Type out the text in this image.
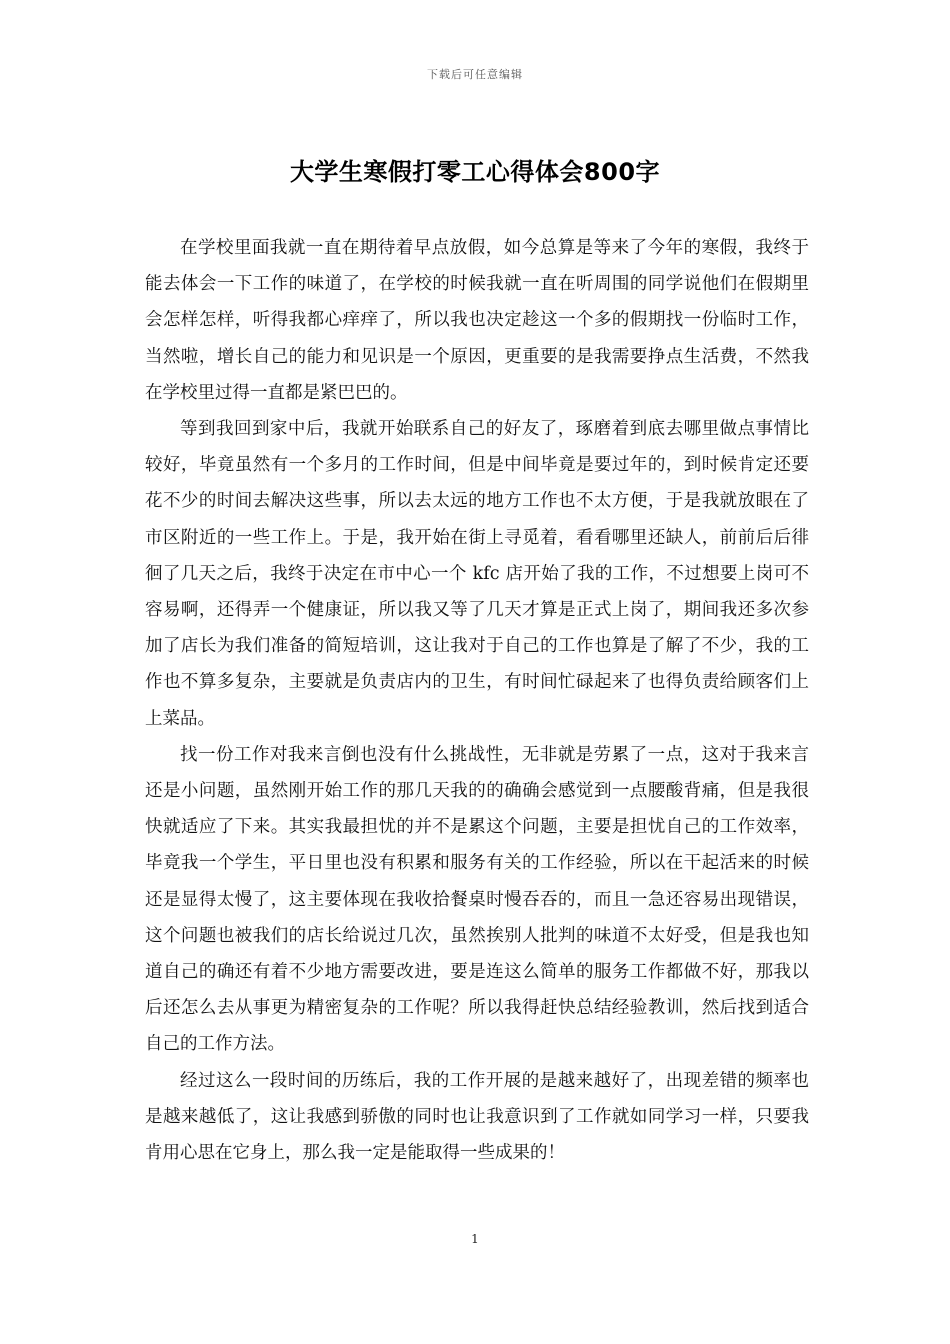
下载后可任意编辑
大学生寒假打零工心得体会800字

在学校里面我就一直在期待着早点放假，如今总算是等来了今年的寒假，我终于能去体会一下工作的味道了，在学校的时候我就一直在听周围的同学说他们在假期里会怎样怎样，听得我都心痒痒了，所以我也决定趁这一个多的假期找一份临时工作，当然啦，增长自己的能力和见识是一个原因，更重要的是我需要挣点生活费，不然我在学校里过得一直都是紧巴巴的。

等到我回到家中后，我就开始联系自己的好友了，琢磨着到底去哪里做点事情比较好，毕竟虽然有一个多月的工作时间，但是中间毕竟是要过年的，到时候肯定还要花不少的时间去解决这些事，所以去太远的地方工作也不太方便，于是我就放眼在了市区附近的一些工作上。于是，我开始在街上寻觅着，看看哪里还缺人，前前后后徘徊了几天之后，我终于决定在市中心一个 kfc 店开始了我的工作，不过想要上岗可不容易啊，还得弄一个健康证，所以我又等了几天才算是正式上岗了，期间我还多次参加了店长为我们准备的简短培训，这让我对于自己的工作也算是了解了不少，我的工作也不算多复杂，主要就是负责店内的卫生，有时间忙碌起来了也得负责给顾客们上上菜品。

找一份工作对我来言倒也没有什么挑战性，无非就是劳累了一点，这对于我来言还是小问题，虽然刚开始工作的那几天我的的确确会感觉到一点腰酸背痛，但是我很快就适应了下来。其实我最担忧的并不是累这个问题，主要是担忧自己的工作效率，毕竟我一个学生，平日里也没有积累和服务有关的工作经验，所以在干起活来的时候还是显得太慢了，这主要体现在我收拾餐桌时慢吞吞的，而且一急还容易出现错误，这个问题也被我们的店长给说过几次，虽然挨别人批判的味道不太好受，但是我也知道自己的确还有着不少地方需要改进，要是连这么简单的服务工作都做不好，那我以后还怎么去从事更为精密复杂的工作呢？所以我得赶快总结经验教训，然后找到适合自己的工作方法。

经过这么一段时间的历练后，我的工作开展的是越来越好了，出现差错的频率也是越来越低了，这让我感到骄傲的同时也让我意识到了工作就如同学习一样，只要我肯用心思在它身上，那么我一定是能取得一些成果的！

1
